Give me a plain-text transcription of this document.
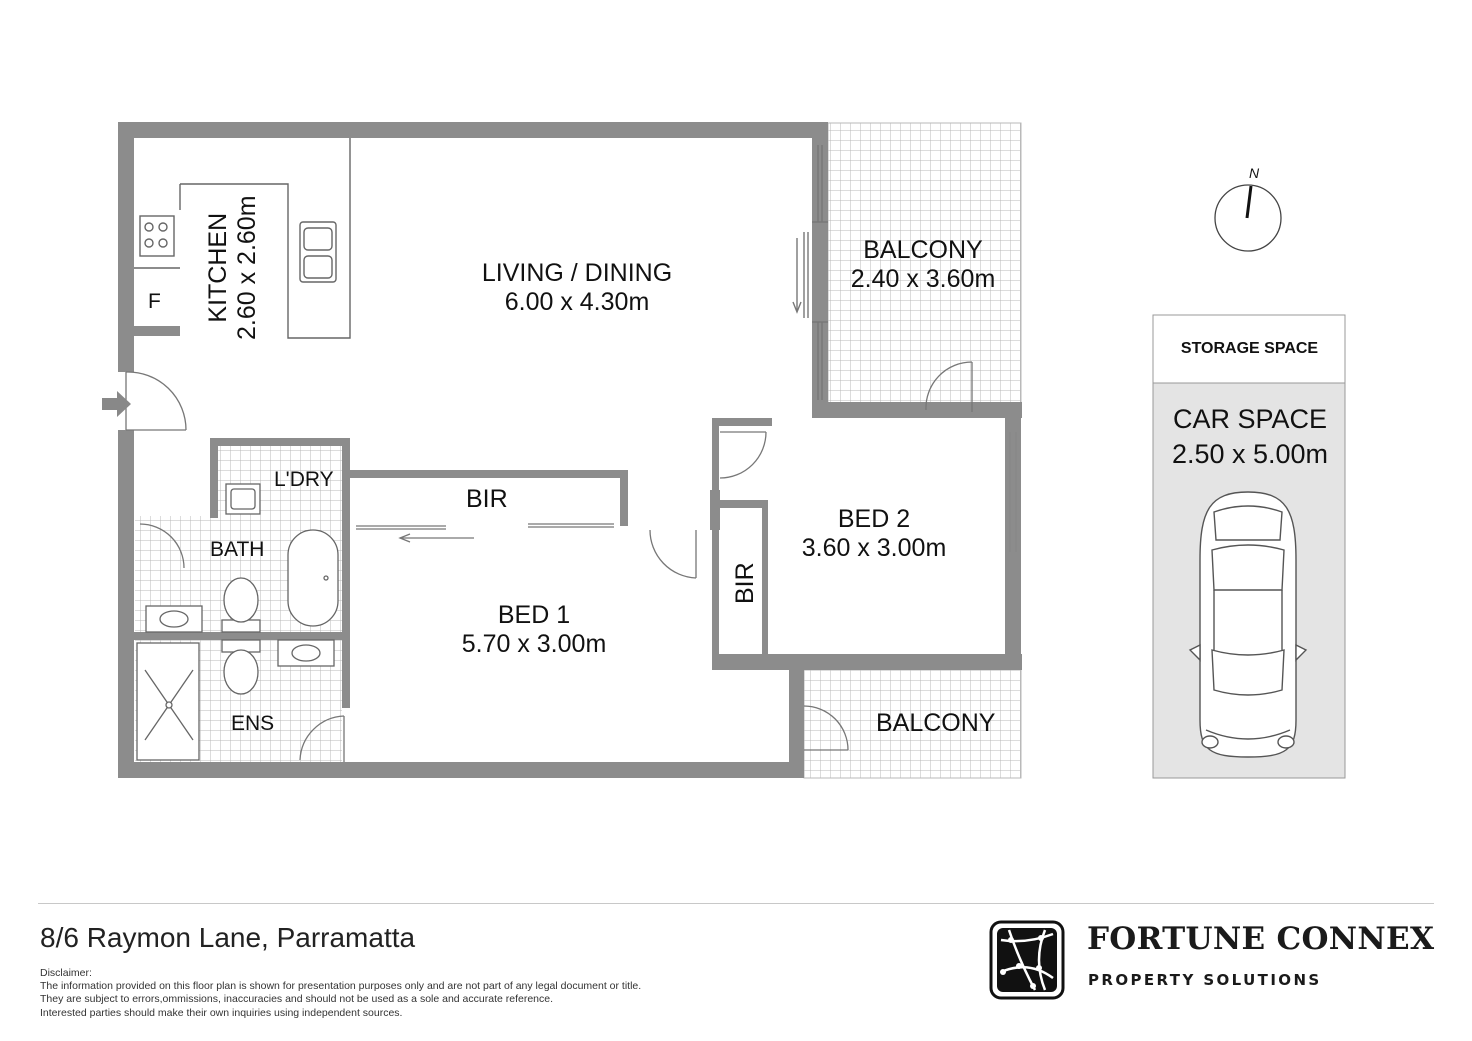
KITCHEN 2.60 x 2.60m
F
LIVING / DINING
6.00 x 4.30m
BALCONY
2.40 x 3.60m
L'DRY
BATH
ENS
BIR
BED 1
5.70 x 3.00m
BIR
BED 2
3.60 x 3.00m
BALCONY
N
STORAGE SPACE
CAR SPACE
2.50 x 5.00m
8/6 Raymon Lane, Parramatta
Disclaimer:
The information provided on this floor plan is shown for presentation purposes only and are not part of any legal document or title.
They are subject to errors,ommissions, inaccuracies and should not be used as a sole and accurate reference.
Interested parties should make their own inquiries using independent sources.
FORTUNE CONNEX
PROPERTY SOLUTIONS
